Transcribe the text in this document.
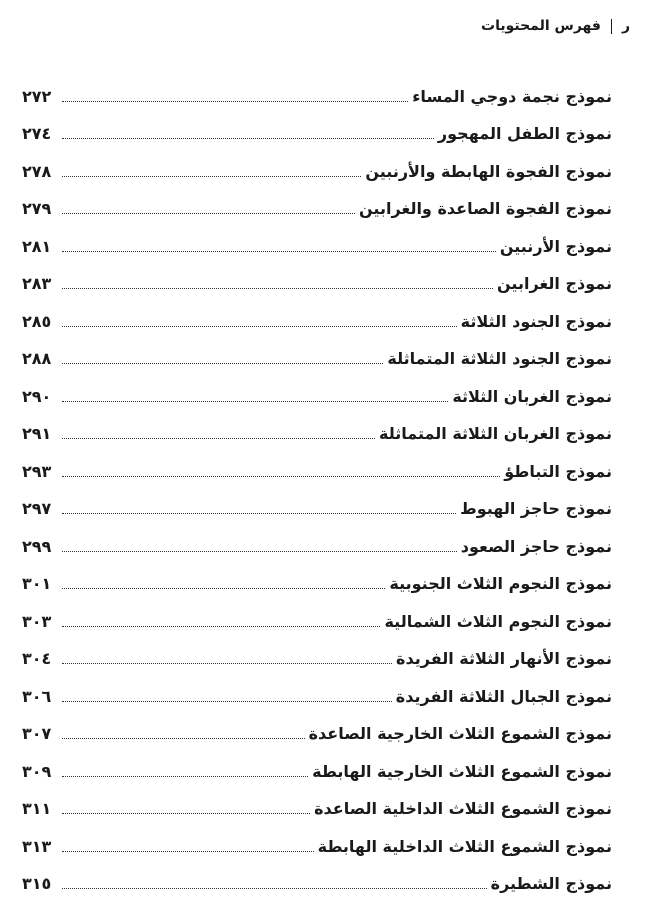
ر
فهرس المحتويات
نموذج نجمة دوجي المساء
٢٧٢
نموذج الطفل المهجور
٢٧٤
نموذج الفجوة الهابطة والأرنبين
٢٧٨
نموذج الفجوة الصاعدة والغرابين
٢٧٩
نموذج الأرنبين
٢٨١
نموذج الغرابين
٢٨٣
نموذج الجنود الثلاثة
٢٨٥
نموذج الجنود الثلاثة المتماثلة
٢٨٨
نموذج الغربان الثلاثة
٢٩٠
نموذج الغربان الثلاثة المتماثلة
٢٩١
نموذج التباطؤ
٢٩٣
نموذج حاجز الهبوط
٢٩٧
نموذج حاجز الصعود
٢٩٩
نموذج النجوم الثلاث الجنوبية
٣٠١
نموذج النجوم الثلاث الشمالية
٣٠٣
نموذج الأنهار الثلاثة الفريدة
٣٠٤
نموذج الجبال الثلاثة الفريدة
٣٠٦
نموذج الشموع الثلاث الخارجية الصاعدة
٣٠٧
نموذج الشموع الثلاث الخارجية الهابطة
٣٠٩
نموذج الشموع الثلاث الداخلية الصاعدة
٣١١
نموذج الشموع الثلاث الداخلية الهابطة
٣١٣
نموذج الشطيرة
٣١٥
